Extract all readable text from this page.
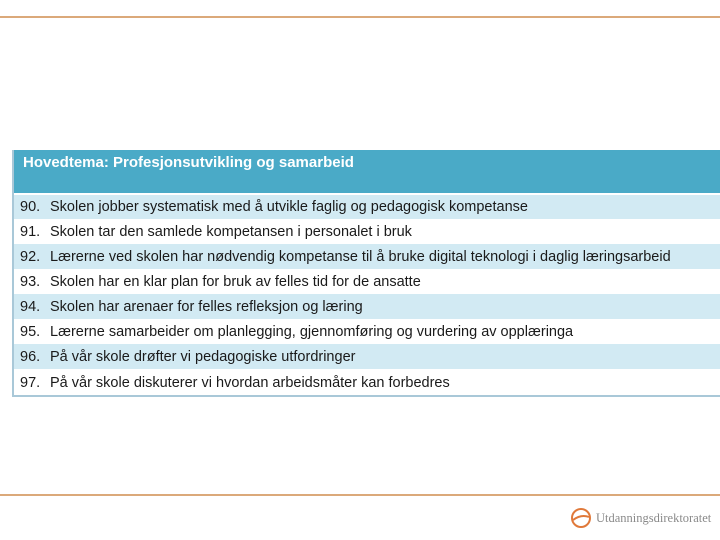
Hovedtema: Profesjonsutvikling og samarbeid
90. Skolen jobber systematisk med å utvikle faglig og pedagogisk kompetanse
91. Skolen tar den samlede kompetansen i personalet i bruk
92. Lærerne ved skolen har nødvendig kompetanse til å bruke digital teknologi i daglig læringsarbeid
93. Skolen har en klar plan for bruk av felles tid for de ansatte
94. Skolen har arenaer for felles refleksjon og læring
95. Lærerne samarbeider om planlegging, gjennomføring og vurdering av opplæringa
96. På vår skole drøfter vi pedagogiske utfordringer
97. På vår skole diskuterer vi hvordan arbeidsmåter kan forbedres
Utdanningsdirektoratet
